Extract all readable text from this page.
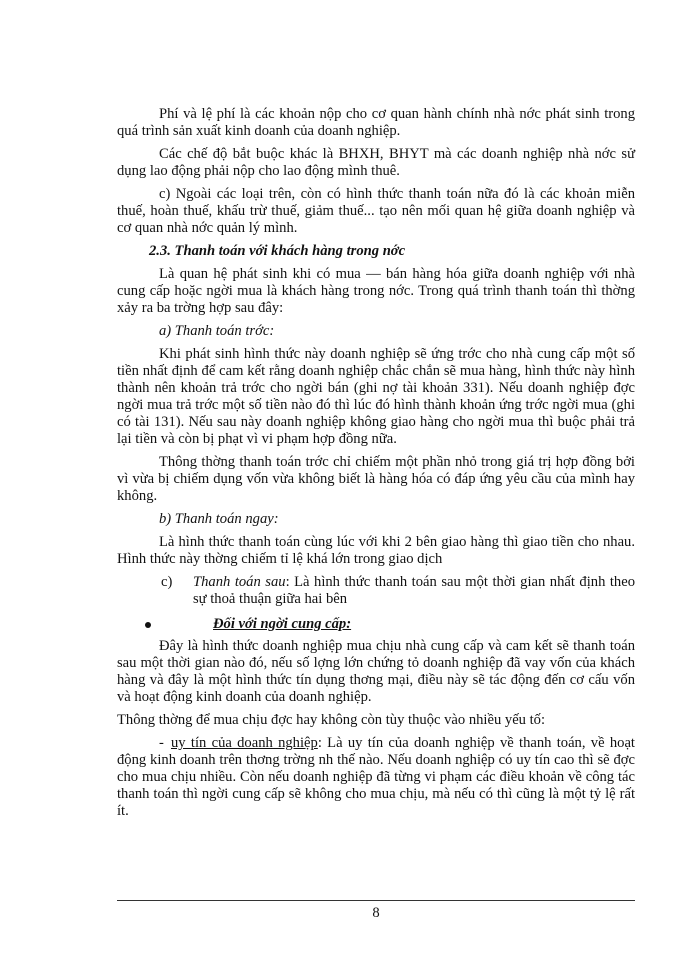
Phí và lệ phí là các khoản nộp cho cơ quan hành chính nhà nớc phát sinh trong quá trình sản xuất kinh doanh của doanh nghiệp.

Các chế độ bắt buộc khác là BHXH, BHYT mà các doanh nghiệp nhà nớc sử dụng lao động phải nộp cho lao động mình thuê.

c) Ngoài các loại trên, còn có hình thức thanh toán nữa đó là các khoản miễn thuế, hoàn thuế, khấu trừ thuế, giảm thuế... tạo nên mối quan hệ giữa doanh nghiệp và cơ quan nhà nớc quản lý mình.

2.3. Thanh toán với khách hàng trong nớc

Là quan hệ phát sinh khi có mua — bán hàng hóa giữa doanh nghiệp với nhà cung cấp hoặc ngời mua là khách hàng trong nớc. Trong quá trình thanh toán thì thờng xảy ra ba trờng hợp sau đây:

a) Thanh toán trớc:

Khi phát sinh hình thức này doanh nghiệp sẽ ứng trớc cho nhà cung cấp một số tiền nhất định để cam kết rằng doanh nghiệp chắc chắn sẽ mua hàng, hình thức này hình thành nên khoản trả trớc cho ngời bán (ghi nợ tài khoản 331). Nếu doanh nghiệp đợc ngời mua trả trớc một số tiền nào đó thì lúc đó hình thành khoản ứng trớc ngời mua (ghi có tài 131). Nếu sau này doanh nghiệp không giao hàng cho ngời mua thì buộc phải trả lại tiền và còn bị phạt vì vi phạm hợp đồng nữa.

Thông thờng thanh toán trớc chỉ chiếm một phần nhỏ trong giá trị hợp đồng bởi vì vừa bị chiếm dụng vốn vừa không biết là hàng hóa có đáp ứng yêu cầu của mình hay không.

b) Thanh toán ngay:

Là hình thức thanh toán cùng lúc với khi 2 bên giao hàng thì giao tiền cho nhau. Hình thức này thờng chiếm tỉ lệ khá lớn trong giao dịch

c) Thanh toán sau: Là hình thức thanh toán sau một thời gian nhất định theo sự thoả thuận giữa hai bên

Đối với ngời cung cấp:

Đây là hình thức doanh nghiệp mua chịu nhà cung cấp và cam kết sẽ thanh toán sau một thời gian nào đó, nếu số lợng lớn chứng tỏ doanh nghiệp đã vay vốn của khách hàng và đây là một hình thức tín dụng thơng mại, điều này sẽ tác động đến cơ cấu vốn và hoạt động kinh doanh của doanh nghiệp.

Thông thờng để mua chịu đợc hay không còn tùy thuộc vào nhiều yếu tố:

- uy tín của doanh nghiệp: Là uy tín của doanh nghiệp về thanh toán, về hoạt động kinh doanh trên thơng trờng nh thế nào. Nếu doanh nghiệp có uy tín cao thì sẽ đợc cho mua chịu nhiều. Còn nếu doanh nghiệp đã từng vi phạm các điều khoản về công tác thanh toán thì ngời cung cấp sẽ không cho mua chịu, mà nếu có thì cũng là một tỷ lệ rất ít.

8
